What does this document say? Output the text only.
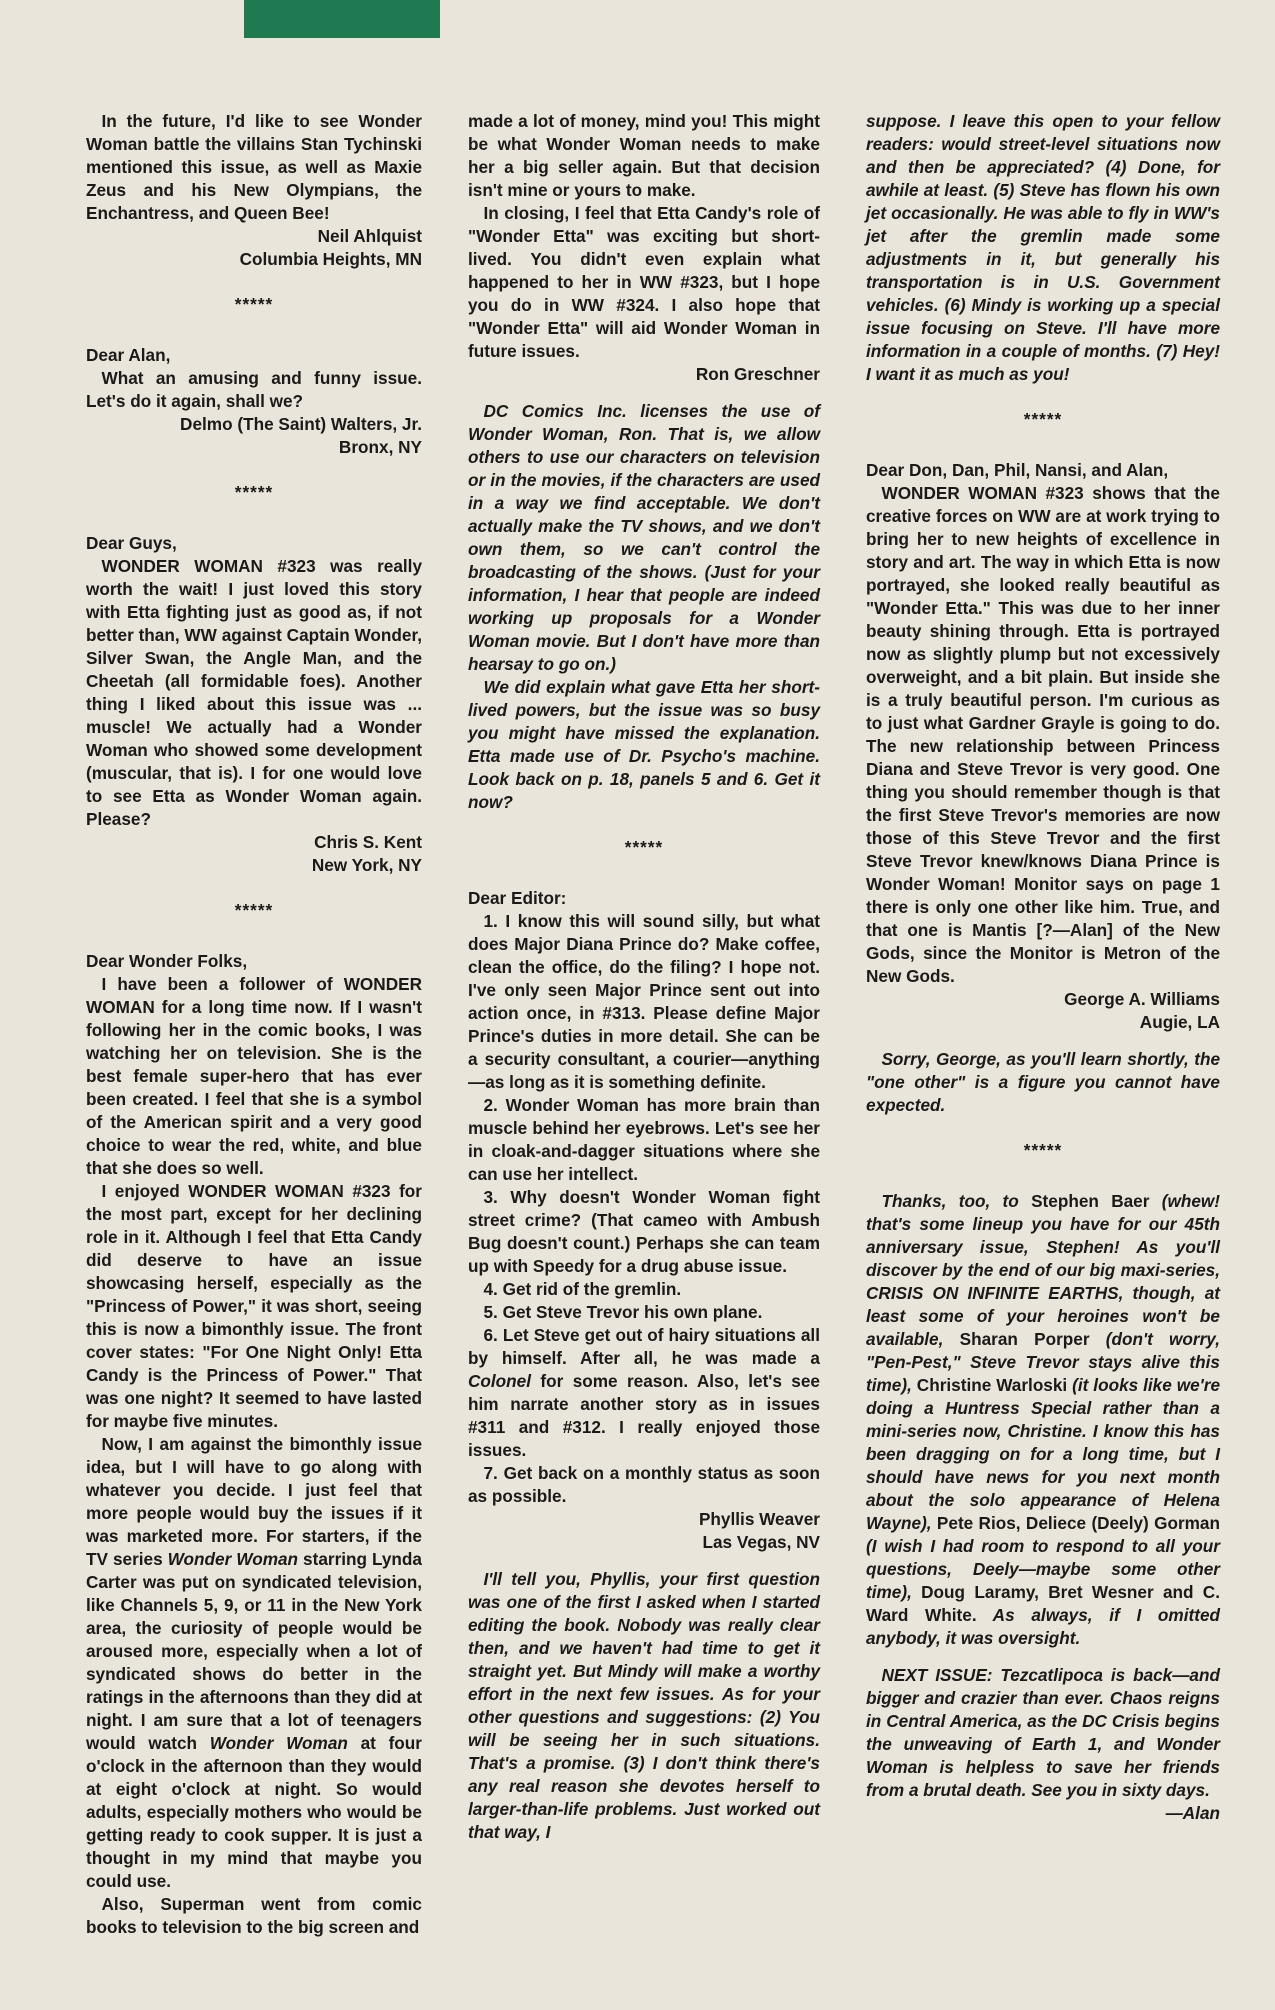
In the future, I'd like to see Wonder Woman battle the villains Stan Tychinski mentioned this issue, as well as Maxie Zeus and his New Olympians, the Enchantress, and Queen Bee!

Neil Ahlquist

Columbia Heights, MN

*****

Dear Alan,

What an amusing and funny issue. Let's do it again, shall we?

Delmo (The Saint) Walters, Jr.

Bronx, NY

*****

Dear Guys,

WONDER WOMAN #323 was really worth the wait! I just loved this story with Etta fighting just as good as, if not better than, WW against Captain Wonder, Silver Swan, the Angle Man, and the Cheetah (all formidable foes). Another thing I liked about this issue was ... muscle! We actually had a Wonder Woman who showed some development (muscular, that is). I for one would love to see Etta as Wonder Woman again. Please?

Chris S. Kent

New York, NY

*****

Dear Wonder Folks,

I have been a follower of WONDER WOMAN for a long time now. If I wasn't following her in the comic books, I was watching her on television. She is the best female super-hero that has ever been created. I feel that she is a symbol of the American spirit and a very good choice to wear the red, white, and blue that she does so well.

I enjoyed WONDER WOMAN #323 for the most part, except for her declining role in it. Although I feel that Etta Candy did deserve to have an issue showcasing herself, especially as the "Princess of Power," it was short, seeing this is now a bimonthly issue. The front cover states: "For One Night Only! Etta Candy is the Princess of Power." That was one night? It seemed to have lasted for maybe five minutes.

Now, I am against the bimonthly issue idea, but I will have to go along with whatever you decide. I just feel that more people would buy the issues if it was marketed more. For starters, if the TV series Wonder Woman starring Lynda Carter was put on syndicated television, like Channels 5, 9, or 11 in the New York area, the curiosity of people would be aroused more, especially when a lot of syndicated shows do better in the ratings in the afternoons than they did at night. I am sure that a lot of teenagers would watch Wonder Woman at four o'clock in the afternoon than they would at eight o'clock at night. So would adults, especially mothers who would be getting ready to cook supper. It is just a thought in my mind that maybe you could use.

Also, Superman went from comic books to television to the big screen and

made a lot of money, mind you! This might be what Wonder Woman needs to make her a big seller again. But that decision isn't mine or yours to make.

In closing, I feel that Etta Candy's role of "Wonder Etta" was exciting but short-lived. You didn't even explain what happened to her in WW #323, but I hope you do in WW #324. I also hope that "Wonder Etta" will aid Wonder Woman in future issues.

Ron Greschner

DC Comics Inc. licenses the use of Wonder Woman, Ron. That is, we allow others to use our characters on television or in the movies, if the characters are used in a way we find acceptable. We don't actually make the TV shows, and we don't own them, so we can't control the broadcasting of the shows. (Just for your information, I hear that people are indeed working up proposals for a Wonder Woman movie. But I don't have more than hearsay to go on.)

We did explain what gave Etta her short-lived powers, but the issue was so busy you might have missed the explanation. Etta made use of Dr. Psycho's machine. Look back on p. 18, panels 5 and 6. Get it now?

*****

Dear Editor:

1. I know this will sound silly, but what does Major Diana Prince do? Make coffee, clean the office, do the filing? I hope not. I've only seen Major Prince sent out into action once, in #313. Please define Major Prince's duties in more detail. She can be a security consultant, a courier—anything—as long as it is something definite.

2. Wonder Woman has more brain than muscle behind her eyebrows. Let's see her in cloak-and-dagger situations where she can use her intellect.

3. Why doesn't Wonder Woman fight street crime? (That cameo with Ambush Bug doesn't count.) Perhaps she can team up with Speedy for a drug abuse issue.

4. Get rid of the gremlin.

5. Get Steve Trevor his own plane.

6. Let Steve get out of hairy situations all by himself. After all, he was made a Colonel for some reason. Also, let's see him narrate another story as in issues #311 and #312. I really enjoyed those issues.

7. Get back on a monthly status as soon as possible.

Phyllis Weaver

Las Vegas, NV

I'll tell you, Phyllis, your first question was one of the first I asked when I started editing the book. Nobody was really clear then, and we haven't had time to get it straight yet. But Mindy will make a worthy effort in the next few issues. As for your other questions and suggestions: (2) You will be seeing her in such situations. That's a promise. (3) I don't think there's any real reason she devotes herself to larger-than-life problems. Just worked out that way, I

suppose. I leave this open to your fellow readers: would street-level situations now and then be appreciated? (4) Done, for awhile at least. (5) Steve has flown his own jet occasionally. He was able to fly in WW's jet after the gremlin made some adjustments in it, but generally his transportation is in U.S. Government vehicles. (6) Mindy is working up a special issue focusing on Steve. I'll have more information in a couple of months. (7) Hey! I want it as much as you!

*****

Dear Don, Dan, Phil, Nansi, and Alan,

WONDER WOMAN #323 shows that the creative forces on WW are at work trying to bring her to new heights of excellence in story and art. The way in which Etta is now portrayed, she looked really beautiful as "Wonder Etta." This was due to her inner beauty shining through. Etta is portrayed now as slightly plump but not excessively overweight, and a bit plain. But inside she is a truly beautiful person. I'm curious as to just what Gardner Grayle is going to do. The new relationship between Princess Diana and Steve Trevor is very good. One thing you should remember though is that the first Steve Trevor's memories are now those of this Steve Trevor and the first Steve Trevor knew/knows Diana Prince is Wonder Woman! Monitor says on page 1 there is only one other like him. True, and that one is Mantis [?—Alan] of the New Gods, since the Monitor is Metron of the New Gods.

George A. Williams

Augie, LA

Sorry, George, as you'll learn shortly, the "one other" is a figure you cannot have expected.

*****

Thanks, too, to Stephen Baer (whew! that's some lineup you have for our 45th anniversary issue, Stephen! As you'll discover by the end of our big maxi-series, CRISIS ON INFINITE EARTHS, though, at least some of your heroines won't be available, Sharan Porper (don't worry, "Pen-Pest," Steve Trevor stays alive this time), Christine Warloski (it looks like we're doing a Huntress Special rather than a mini-series now, Christine. I know this has been dragging on for a long time, but I should have news for you next month about the solo appearance of Helena Wayne), Pete Rios, Deliece (Deely) Gorman (I wish I had room to respond to all your questions, Deely—maybe some other time), Doug Laramy, Bret Wesner and C. Ward White. As always, if I omitted anybody, it was oversight.

NEXT ISSUE: Tezcatlipoca is back—and bigger and crazier than ever. Chaos reigns in Central America, as the DC Crisis begins the unweaving of Earth 1, and Wonder Woman is helpless to save her friends from a brutal death. See you in sixty days.

—Alan
